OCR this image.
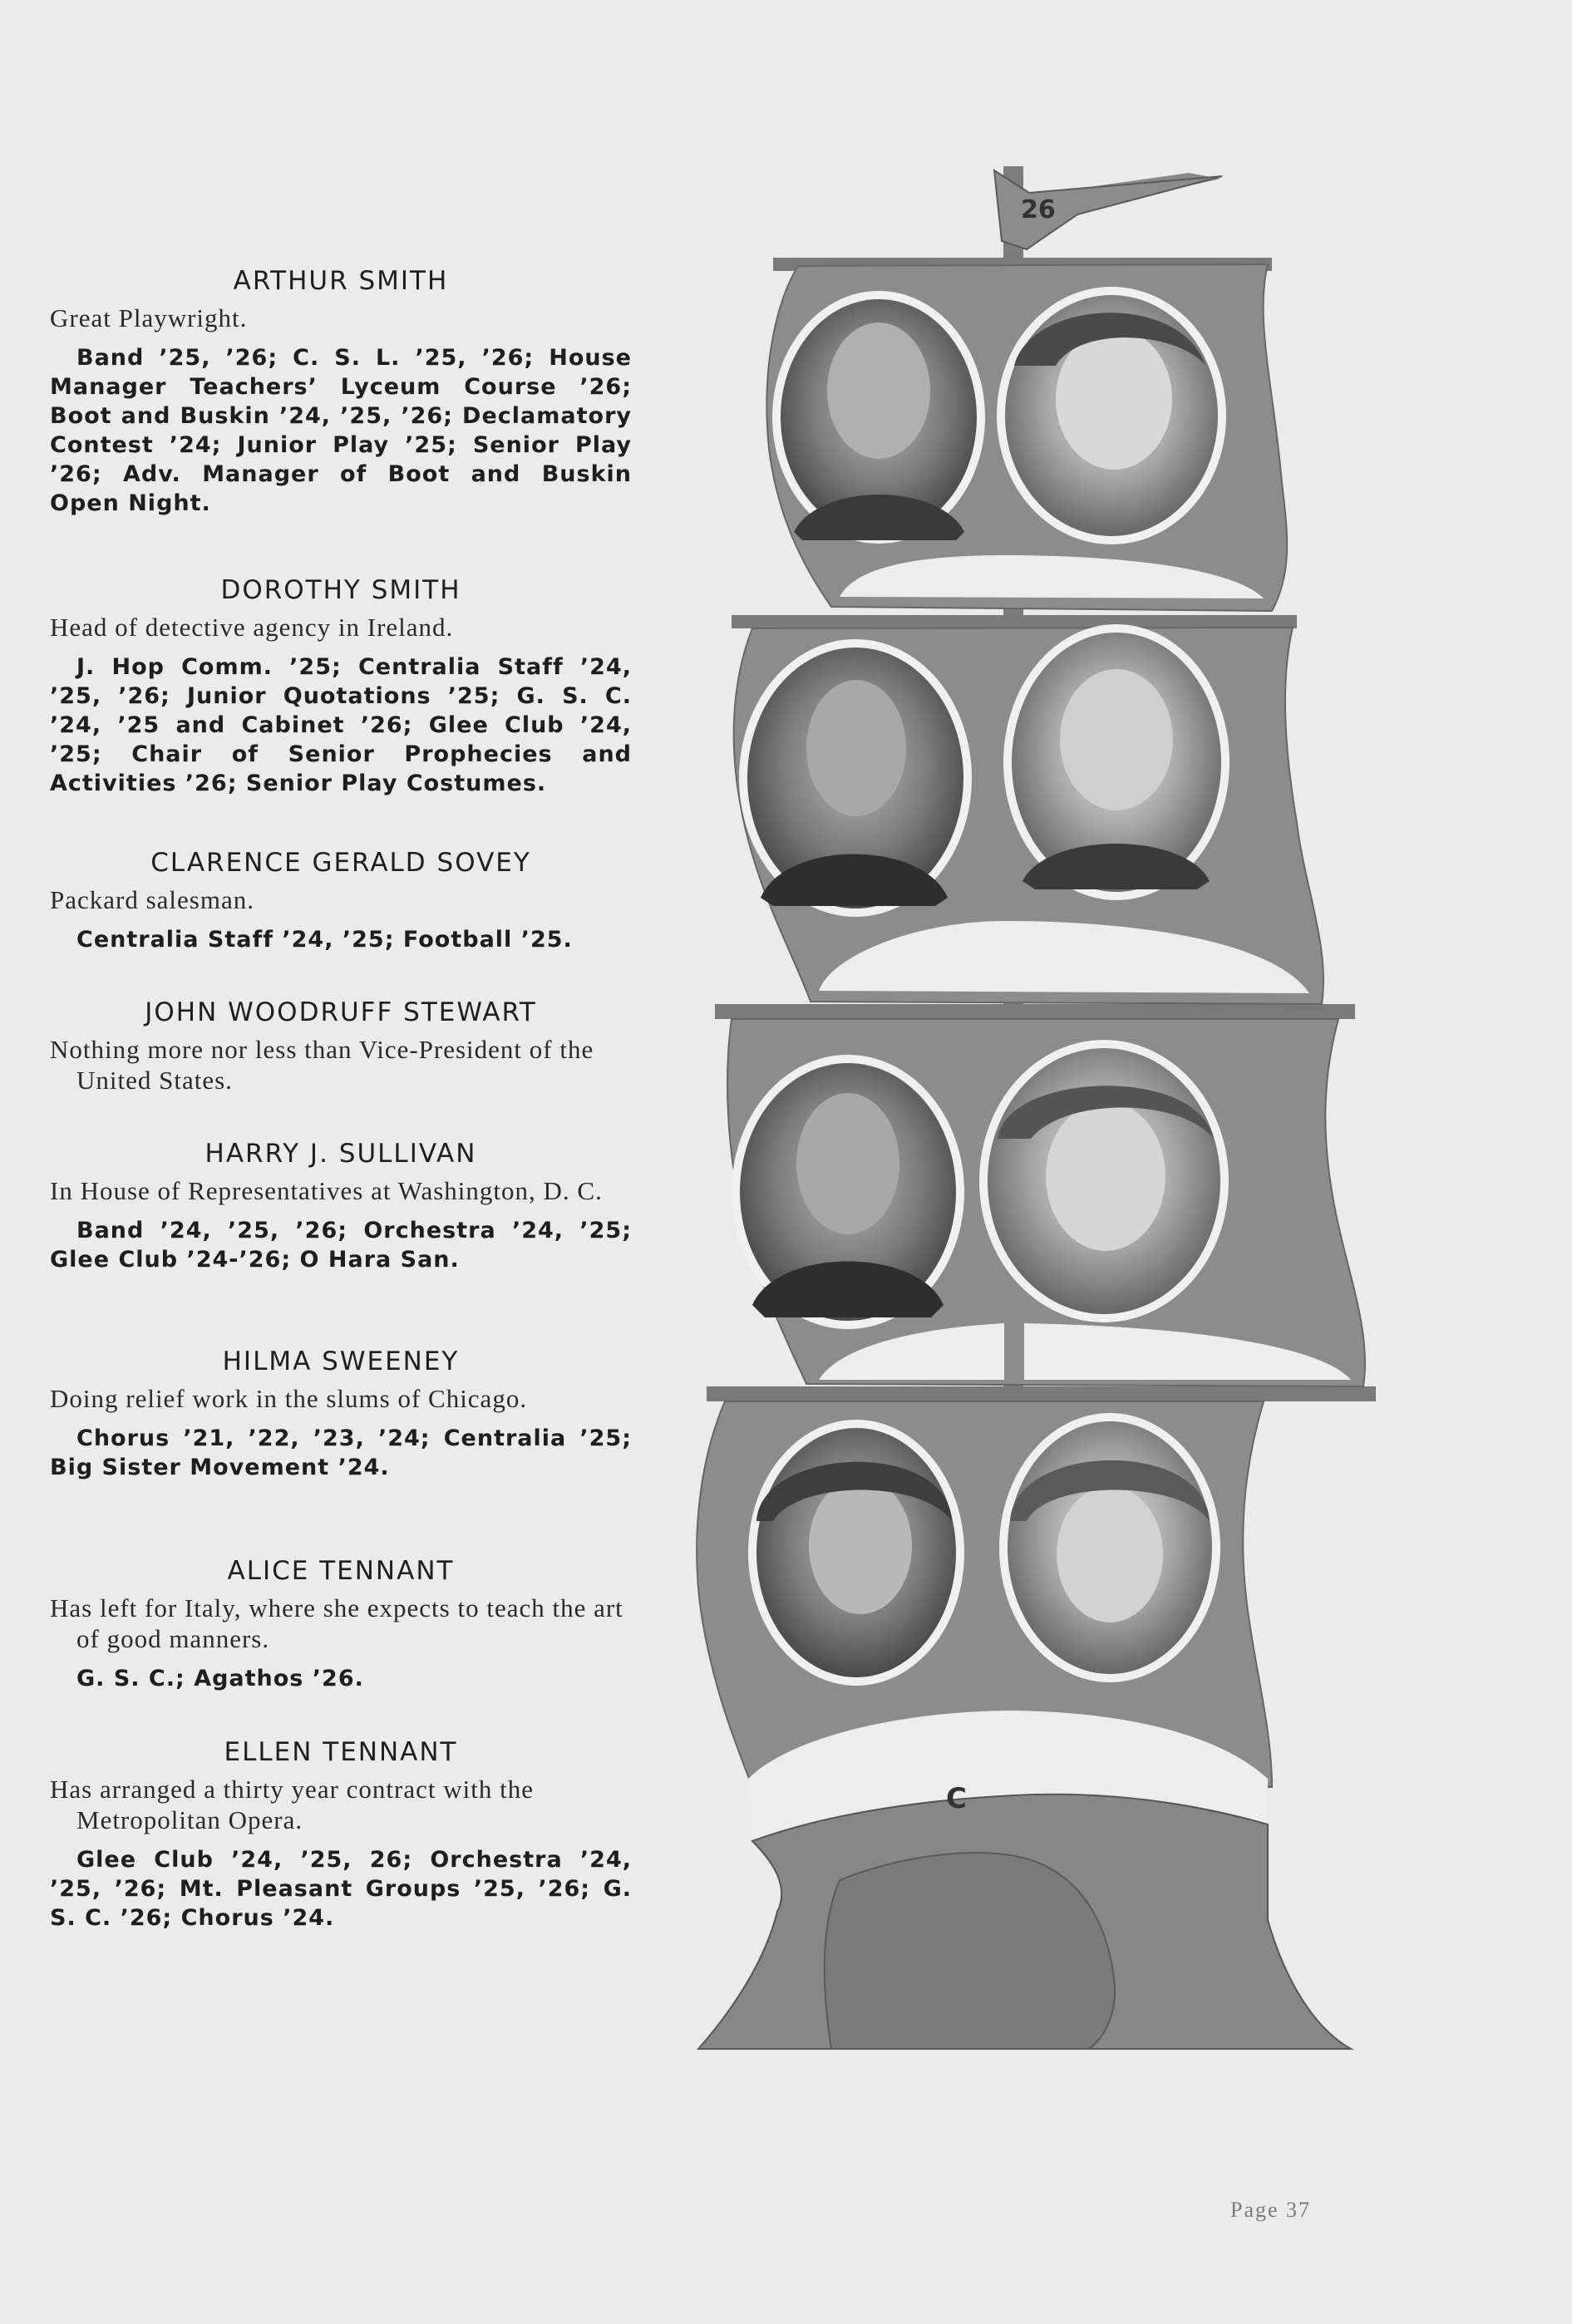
ARTHUR SMITH
Great Playwright.
Band ’25, ’26; C. S. L. ’25, ’26; House Manager Teachers’ Lyceum Course ’26; Boot and Buskin ’24, ’25, ’26; Declamatory Contest ’24; Junior Play ’25; Senior Play ’26; Adv. Manager of Boot and Buskin Open Night.
DOROTHY SMITH
Head of detective agency in Ireland.
J. Hop Comm. ’25; Centralia Staff ’24, ’25, ’26; Junior Quotations ’25; G. S. C. ’24, ’25 and Cabinet ’26; Glee Club ’24, ’25; Chair of Senior Prophecies and Activities ’26; Senior Play Costumes.
CLARENCE GERALD SOVEY
Packard salesman.
Centralia Staff ’24, ’25; Football ’25.
JOHN WOODRUFF STEWART
Nothing more nor less than Vice-President of the United States.
HARRY J. SULLIVAN
In House of Representatives at Washington, D. C.
Band ’24, ’25, ’26; Orchestra ’24, ’25; Glee Club ’24-’26; O Hara San.
HILMA SWEENEY
Doing relief work in the slums of Chicago.
Chorus ’21, ’22, ’23, ’24; Centralia ’25; Big Sister Movement ’24.
ALICE TENNANT
Has left for Italy, where she expects to teach the art of good manners.
G. S. C.; Agathos ’26.
ELLEN TENNANT
Has arranged a thirty year contract with the Metropolitan Opera.
Glee Club ’24, ’25, 26; Orchestra ’24, ’25, ’26; Mt. Pleasant Groups ’25, ’26; G. S. C. ’26; Chorus ’24.
26
C
Page 37
